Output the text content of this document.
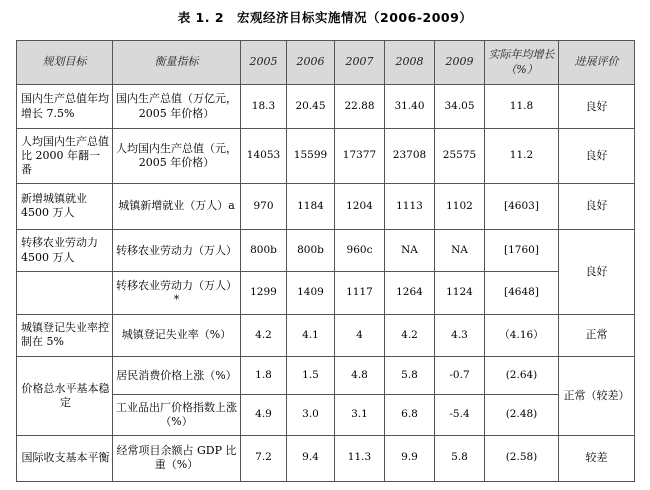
表 1. 2　宏观经济目标实施情况（2006-2009）
规划目标	衡量指标	2005	2006	2007	2008	2009	实际年均增长（%）	进展评价
国内生产总值年均增长 7.5%	国内生产总值（万亿元，2005 年价格）	18.3	20.45	22.88	31.40	34.05	11.8	良好
人均国内生产总值比 2000 年翻一番	人均国内生产总值（元，2005 年价格）	14053	15599	17377	23708	25575	11.2	良好
新增城镇就业 4500 万人	城镇新增就业（万人）a	970	1184	1204	1113	1102	[4603]	良好
转移农业劳动力 4500 万人	转移农业劳动力（万人）	800b	800b	960c	NA	NA	[1760]	良好
	转移农业劳动力（万人）*	1299	1409	1117	1264	1124	[4648]	
城镇登记失业率控制在 5%	城镇登记失业率（%）	4.2	4.1	4	4.2	4.3	（4.16）	正常
价格总水平基本稳定	居民消费价格上涨（%）	1.8	1.5	4.8	5.8	-0.7	(2.64)	正常（较差）
	工业品出厂价格指数上涨（%）	4.9	3.0	3.1	6.8	-5.4	(2.48)	
国际收支基本平衡	经常项目余额占 GDP 比重（%）	7.2	9.4	11.3	9.9	5.8	(2.58)	较差
